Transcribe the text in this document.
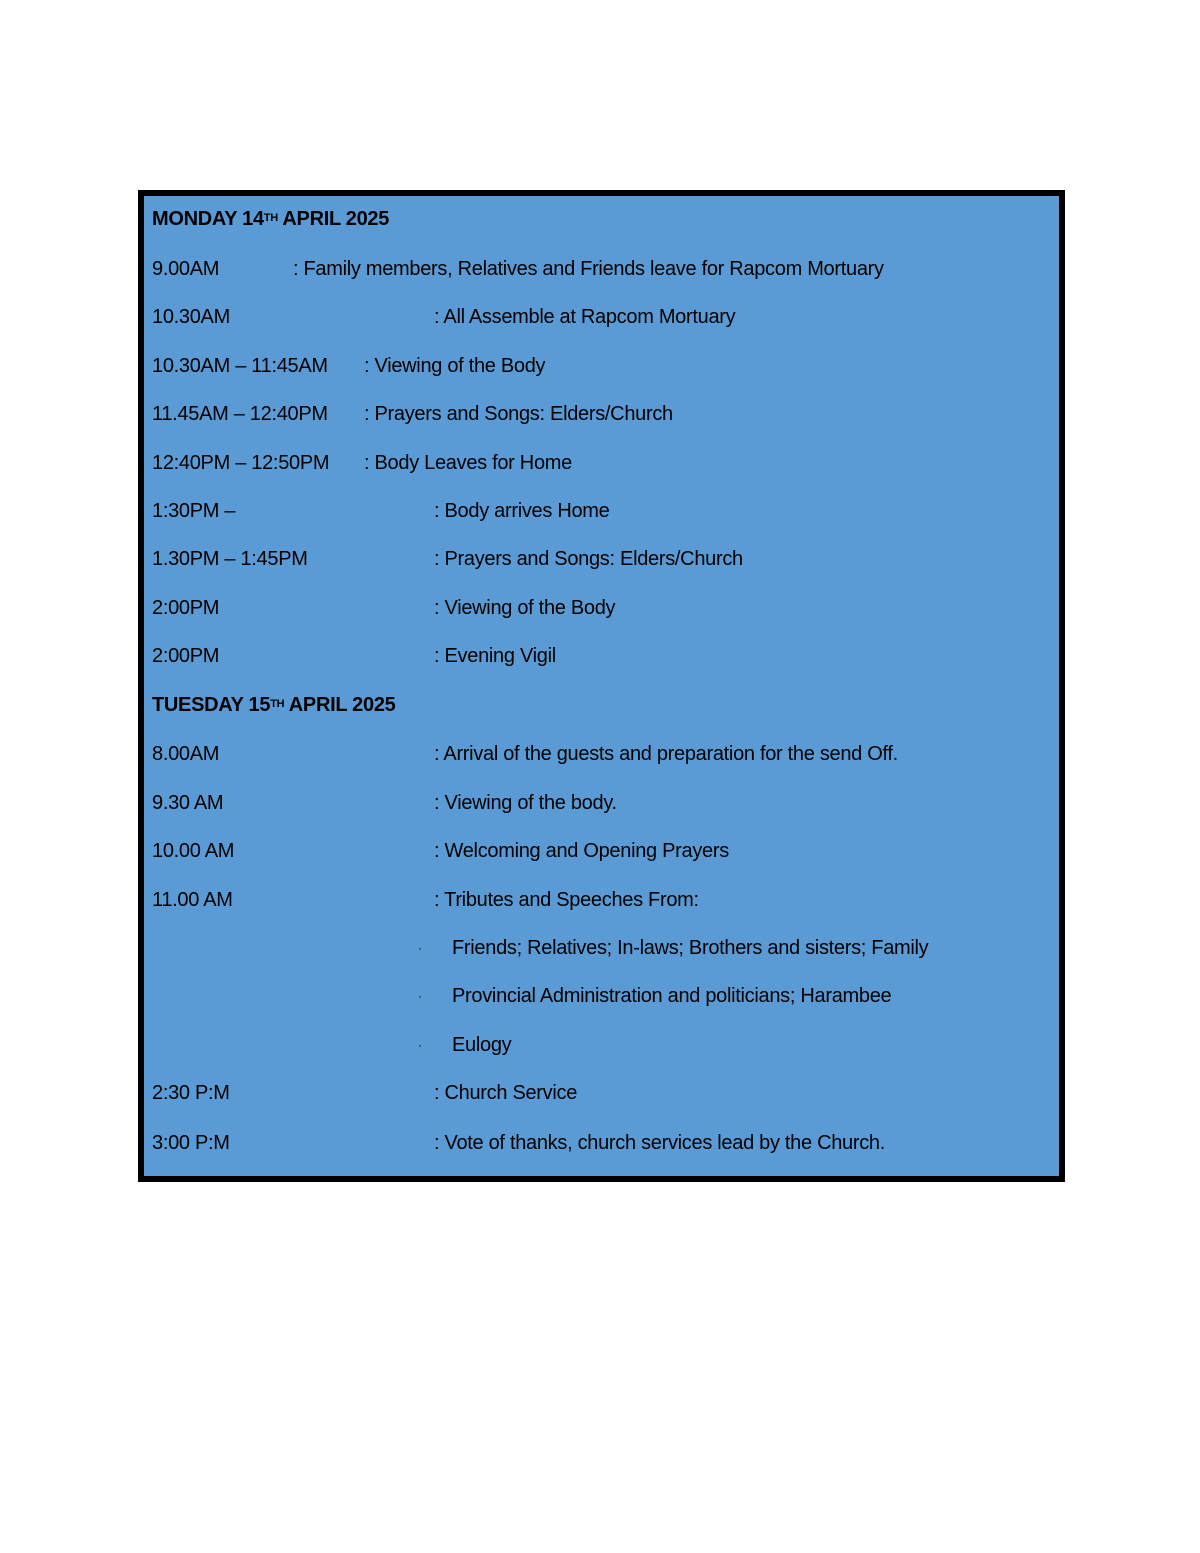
MONDAY 14TH APRIL 2025
9.00AM	: Family members, Relatives and Friends leave for Rapcom Mortuary
10.30AM	: All Assemble at Rapcom Mortuary
10.30AM – 11:45AM : Viewing of the Body
11.45AM – 12:40PM : Prayers and Songs: Elders/Church
12:40PM – 12:50PM : Body Leaves for Home
1:30PM –	: Body arrives Home
1.30PM – 1:45PM	: Prayers and Songs: Elders/Church
2:00PM	: Viewing of the Body
2:00PM	: Evening Vigil
TUESDAY 15TH APRIL 2025
8.00AM	: Arrival of the guests and preparation for the send Off.
9.30 AM	: Viewing of the body.
10.00 AM	: Welcoming and Opening Prayers
11.00 AM	: Tributes and Speeches From:
· Friends; Relatives; In-laws; Brothers and sisters; Family
· Provincial Administration and politicians; Harambee
· Eulogy
2:30 P:M	: Church Service
3:00 P:M	: Vote of thanks, church services lead by the Church.
